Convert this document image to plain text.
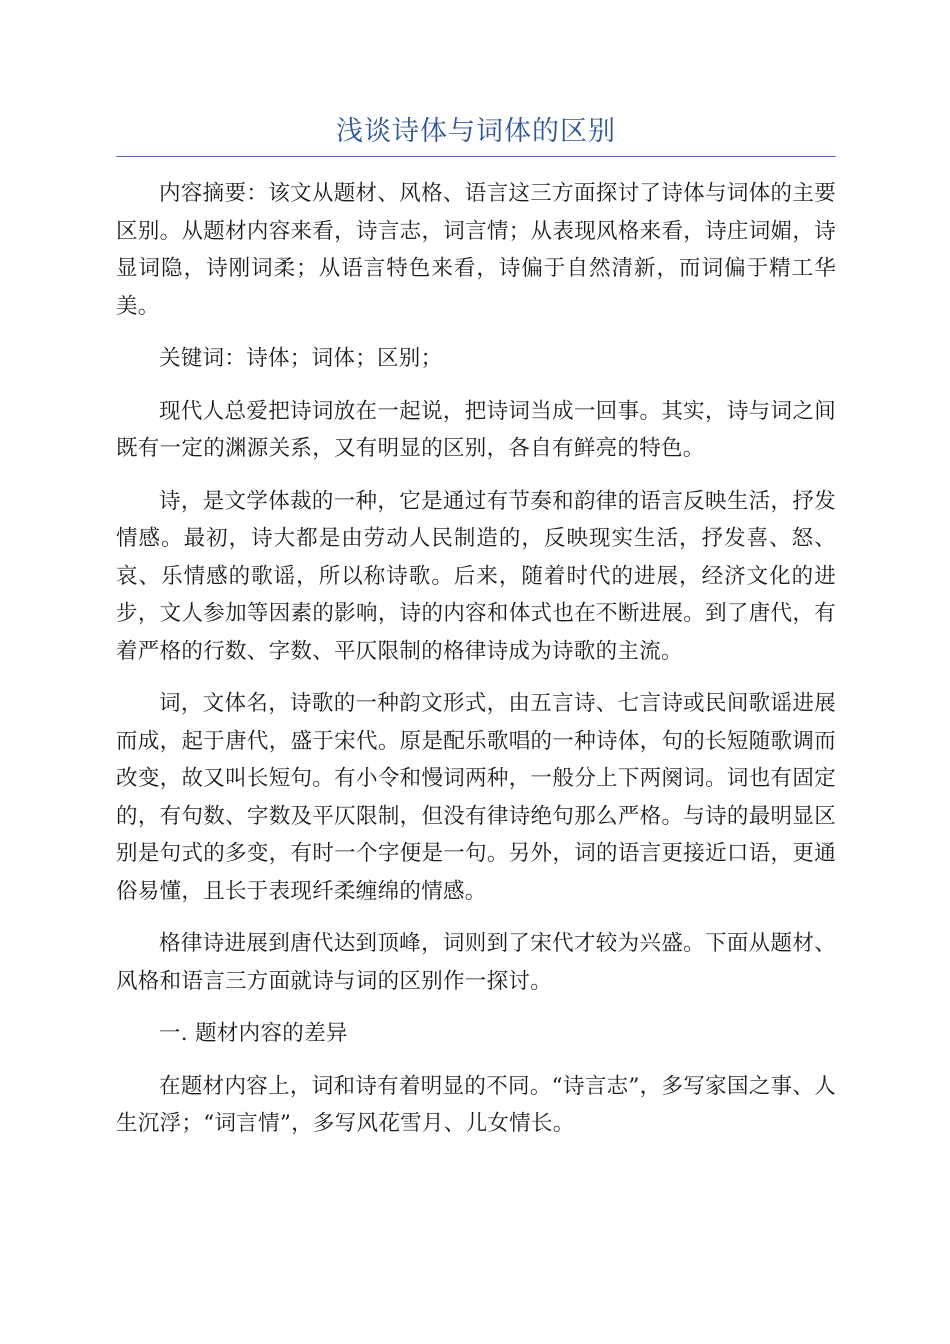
浅谈诗体与词体的区别

内容摘要：该文从题材、风格、语言这三方面探讨了诗体与词体的主要区别。从题材内容来看，诗言志，词言情；从表现风格来看，诗庄词媚，诗显词隐，诗刚词柔；从语言特色来看，诗偏于自然清新，而词偏于精工华美。

关键词：诗体；词体；区别；

现代人总爱把诗词放在一起说，把诗词当成一回事。其实，诗与词之间既有一定的渊源关系，又有明显的区别，各自有鲜亮的特色。

诗，是文学体裁的一种，它是通过有节奏和韵律的语言反映生活，抒发情感。最初，诗大都是由劳动人民制造的，反映现实生活，抒发喜、怒、哀、乐情感的歌谣，所以称诗歌。后来，随着时代的进展，经济文化的进步，文人参加等因素的影响，诗的内容和体式也在不断进展。到了唐代，有着严格的行数、字数、平仄限制的格律诗成为诗歌的主流。

词，文体名，诗歌的一种韵文形式，由五言诗、七言诗或民间歌谣进展而成，起于唐代，盛于宋代。原是配乐歌唱的一种诗体，句的长短随歌调而改变，故又叫长短句。有小令和慢词两种，一般分上下两阕词。词也有固定的，有句数、字数及平仄限制，但没有律诗绝句那么严格。与诗的最明显区别是句式的多变，有时一个字便是一句。另外，词的语言更接近口语，更通俗易懂，且长于表现纤柔缠绵的情感。

格律诗进展到唐代达到顶峰，词则到了宋代才较为兴盛。下面从题材、风格和语言三方面就诗与词的区别作一探讨。

一. 题材内容的差异

在题材内容上，词和诗有着明显的不同。“诗言志”，多写家国之事、人生沉浮；“词言情”，多写风花雪月、儿女情长。
